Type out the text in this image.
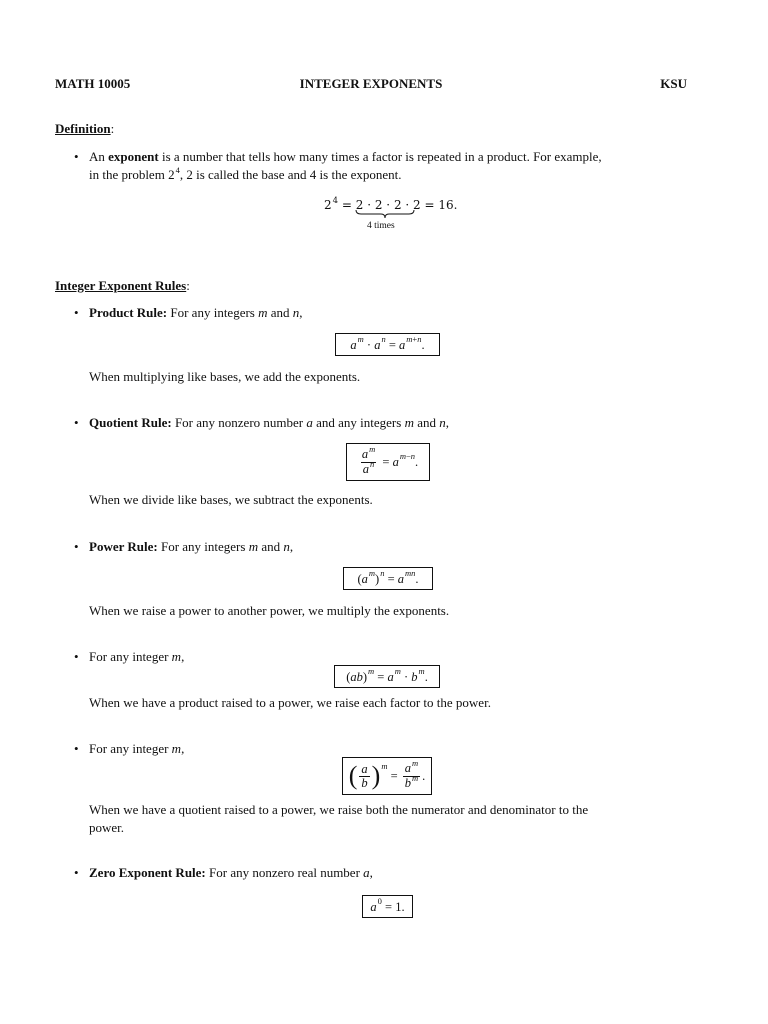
MATH 10005	INTEGER EXPONENTS	KSU
Definition:
• An exponent is a number that tells how many times a factor is repeated in a product. For example,
in the problem $2^4$, 2 is called the base and 4 is the exponent.
$2^4 = 2 \cdot 2 \cdot 2 \cdot 2 = 16$.
4 times
Integer Exponent Rules:
• Product Rule: For any integers m and n,
a $^m$ · a $^n$ = a $^{m+n}$ .
When multiplying like bases, we add the exponents.
• Quotient Rule: For any nonzero number a and any integers m and n,
$\frac{a^m}{a^n} = a$ $^{m-n}$ .
When we divide like bases, we subtract the exponents.
• Power Rule: For any integers m and n,
( a $^m$ ) $^n$ = a $^{mn}$ .
When we raise a power to another power, we multiply the exponents.
• For any integer m,
( ab ) $^m$ = a $^m$ · b $^m$ .
When we have a product raised to a power, we raise each factor to the power.
• For any integer m,
( $\frac{a}{b}$ ) $^m$
= $\frac{a^m}{b^m}$ .
When we have a quotient raised to a power, we raise both the numerator and denominator to the
power.
• Zero Exponent Rule: For any nonzero real number a,
$a^0 = 1$.
